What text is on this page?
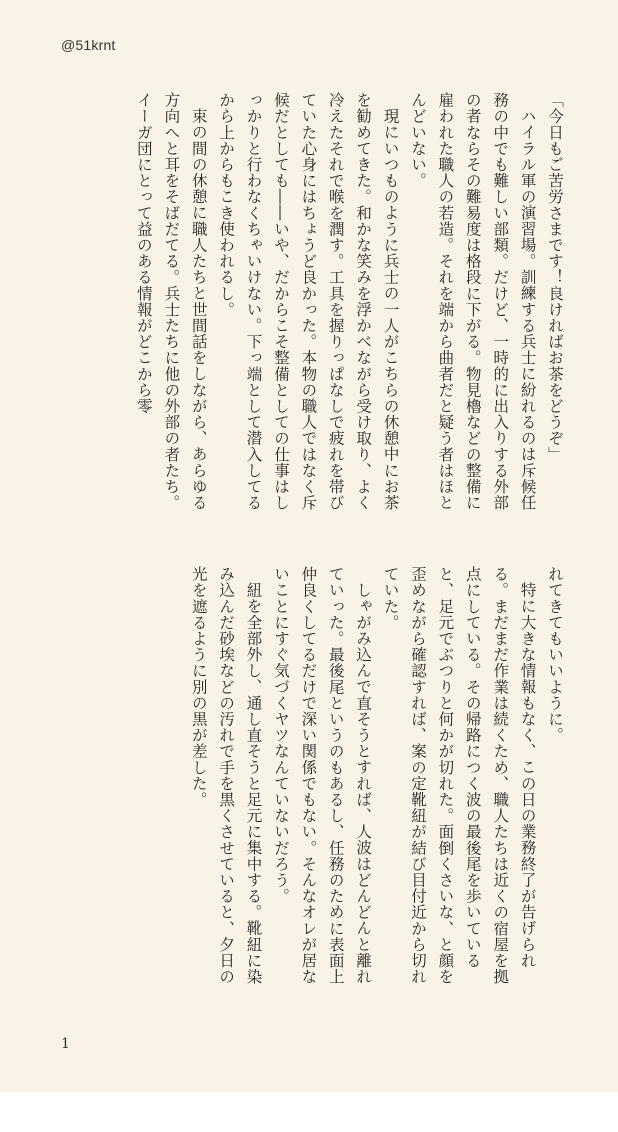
@51krnt

「今日もご苦労さまです！良ければお茶をどうぞ」

ハイラル軍の演習場。訓練する兵士に紛れるのは斥候任務の中でも難しい部類。だけど、一時的に出入りする外部の者ならその難易度は格段に下がる。物見櫓などの整備に雇われた職人の若造。それを端から曲者だと疑う者はほとんどいない。

現にいつものように兵士の一人がこちらの休憩中にお茶を勧めてきた。和かな笑みを浮かべながら受け取り、よく冷えたそれで喉を潤す。工具を握りっぱなしで疲れを帯びていた心身にはちょうど良かった。本物の職人ではなく斥候だとしても――いや、だからこそ整備としての仕事はしっかりと行わなくちゃいけない。下っ端として潜入してるから上からもこき使われるし。

束の間の休憩に職人たちと世間話をしながら、あらゆる方向へと耳をそばだてる。兵士たちに他の外部の者たち。イーガ団にとって益のある情報がどこから零

れてきてもいいように。

特に大きな情報もなく、この日の業務終了が告げられる。まだまだ作業は続くため、職人たちは近くの宿屋を拠点にしている。その帰路につく波の最後尾を歩いていると、足元でぶつりと何かが切れた。面倒くさいな、と顔を歪めながら確認すれば、案の定靴紐が結び目付近から切れていた。

しゃがみ込んで直そうとすれば、人波はどんどんと離れていった。最後尾というのもあるし、任務のために表面上仲良くしてるだけで深い関係でもない。そんなオレが居ないことにすぐ気づくヤツなんていないだろう。

紐を全部外し、通し直そうと足元に集中する。靴紐に染み込んだ砂埃などの汚れで手を黒くさせていると、夕日の光を遮るように別の黒が差した。

1
